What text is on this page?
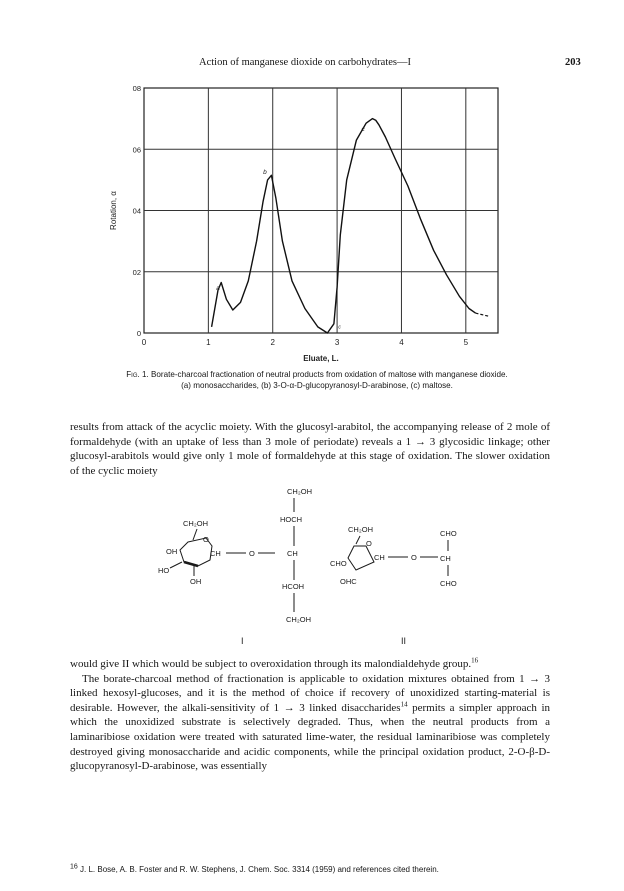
Action of manganese dioxide on carbohydrates—I	203
0	1	2	3	4	5
0
02
04
06
08
Eluate, L.
Rotation, α
a
b
c
c
Fig. 1. Borate-charcoal fractionation of neutral products from oxidation of maltose with manganese dioxide.
(a) monosaccharides, (b) 3-O-α-D-glucopyranosyl-D-arabinose, (c) maltose.

results from attack of the acyclic moiety. With the glucosyl-arabitol, the accompanying release of 2 mole of formaldehyde (with an uptake of less than 3 mole of periodate) reveals a 1 → 3 glycosidic linkage; other glucosyl-arabitols would give only 1 mole of formaldehyde at this stage of oxidation. The slower oxidation of the cyclic moiety

CH₂OH
O
OH	CH
HO
OH
O
CH₂OH
HOCH
CH
HCOH
CH₂OH
CH₂OH
O
CHO
CH
OHC
O
CHO
CH
CHO
I	II

would give II which would be subject to overoxidation through its malondialdehyde group.$^{16}$

The borate-charcoal method of fractionation is applicable to oxidation mixtures obtained from 1 → 3 linked hexosyl-glucoses, and it is the method of choice if recovery of unoxidized starting-material is desirable. However, the alkali-sensitivity of 1 → 3 linked disaccharides$^{14}$ permits a simpler approach in which the unoxidized substrate is selectively degraded. Thus, when the neutral products from a laminaribiose oxidation were treated with saturated lime-water, the residual laminaribiose was completely destroyed giving monosaccharide and acidic components, while the principal oxidation product, 2-O-β-D-glucopyranosyl-D-arabinose, was essentially

$^{16}$ J. L. Bose, A. B. Foster and R. W. Stephens, J. Chem. Soc. 3314 (1959) and references cited therein.
